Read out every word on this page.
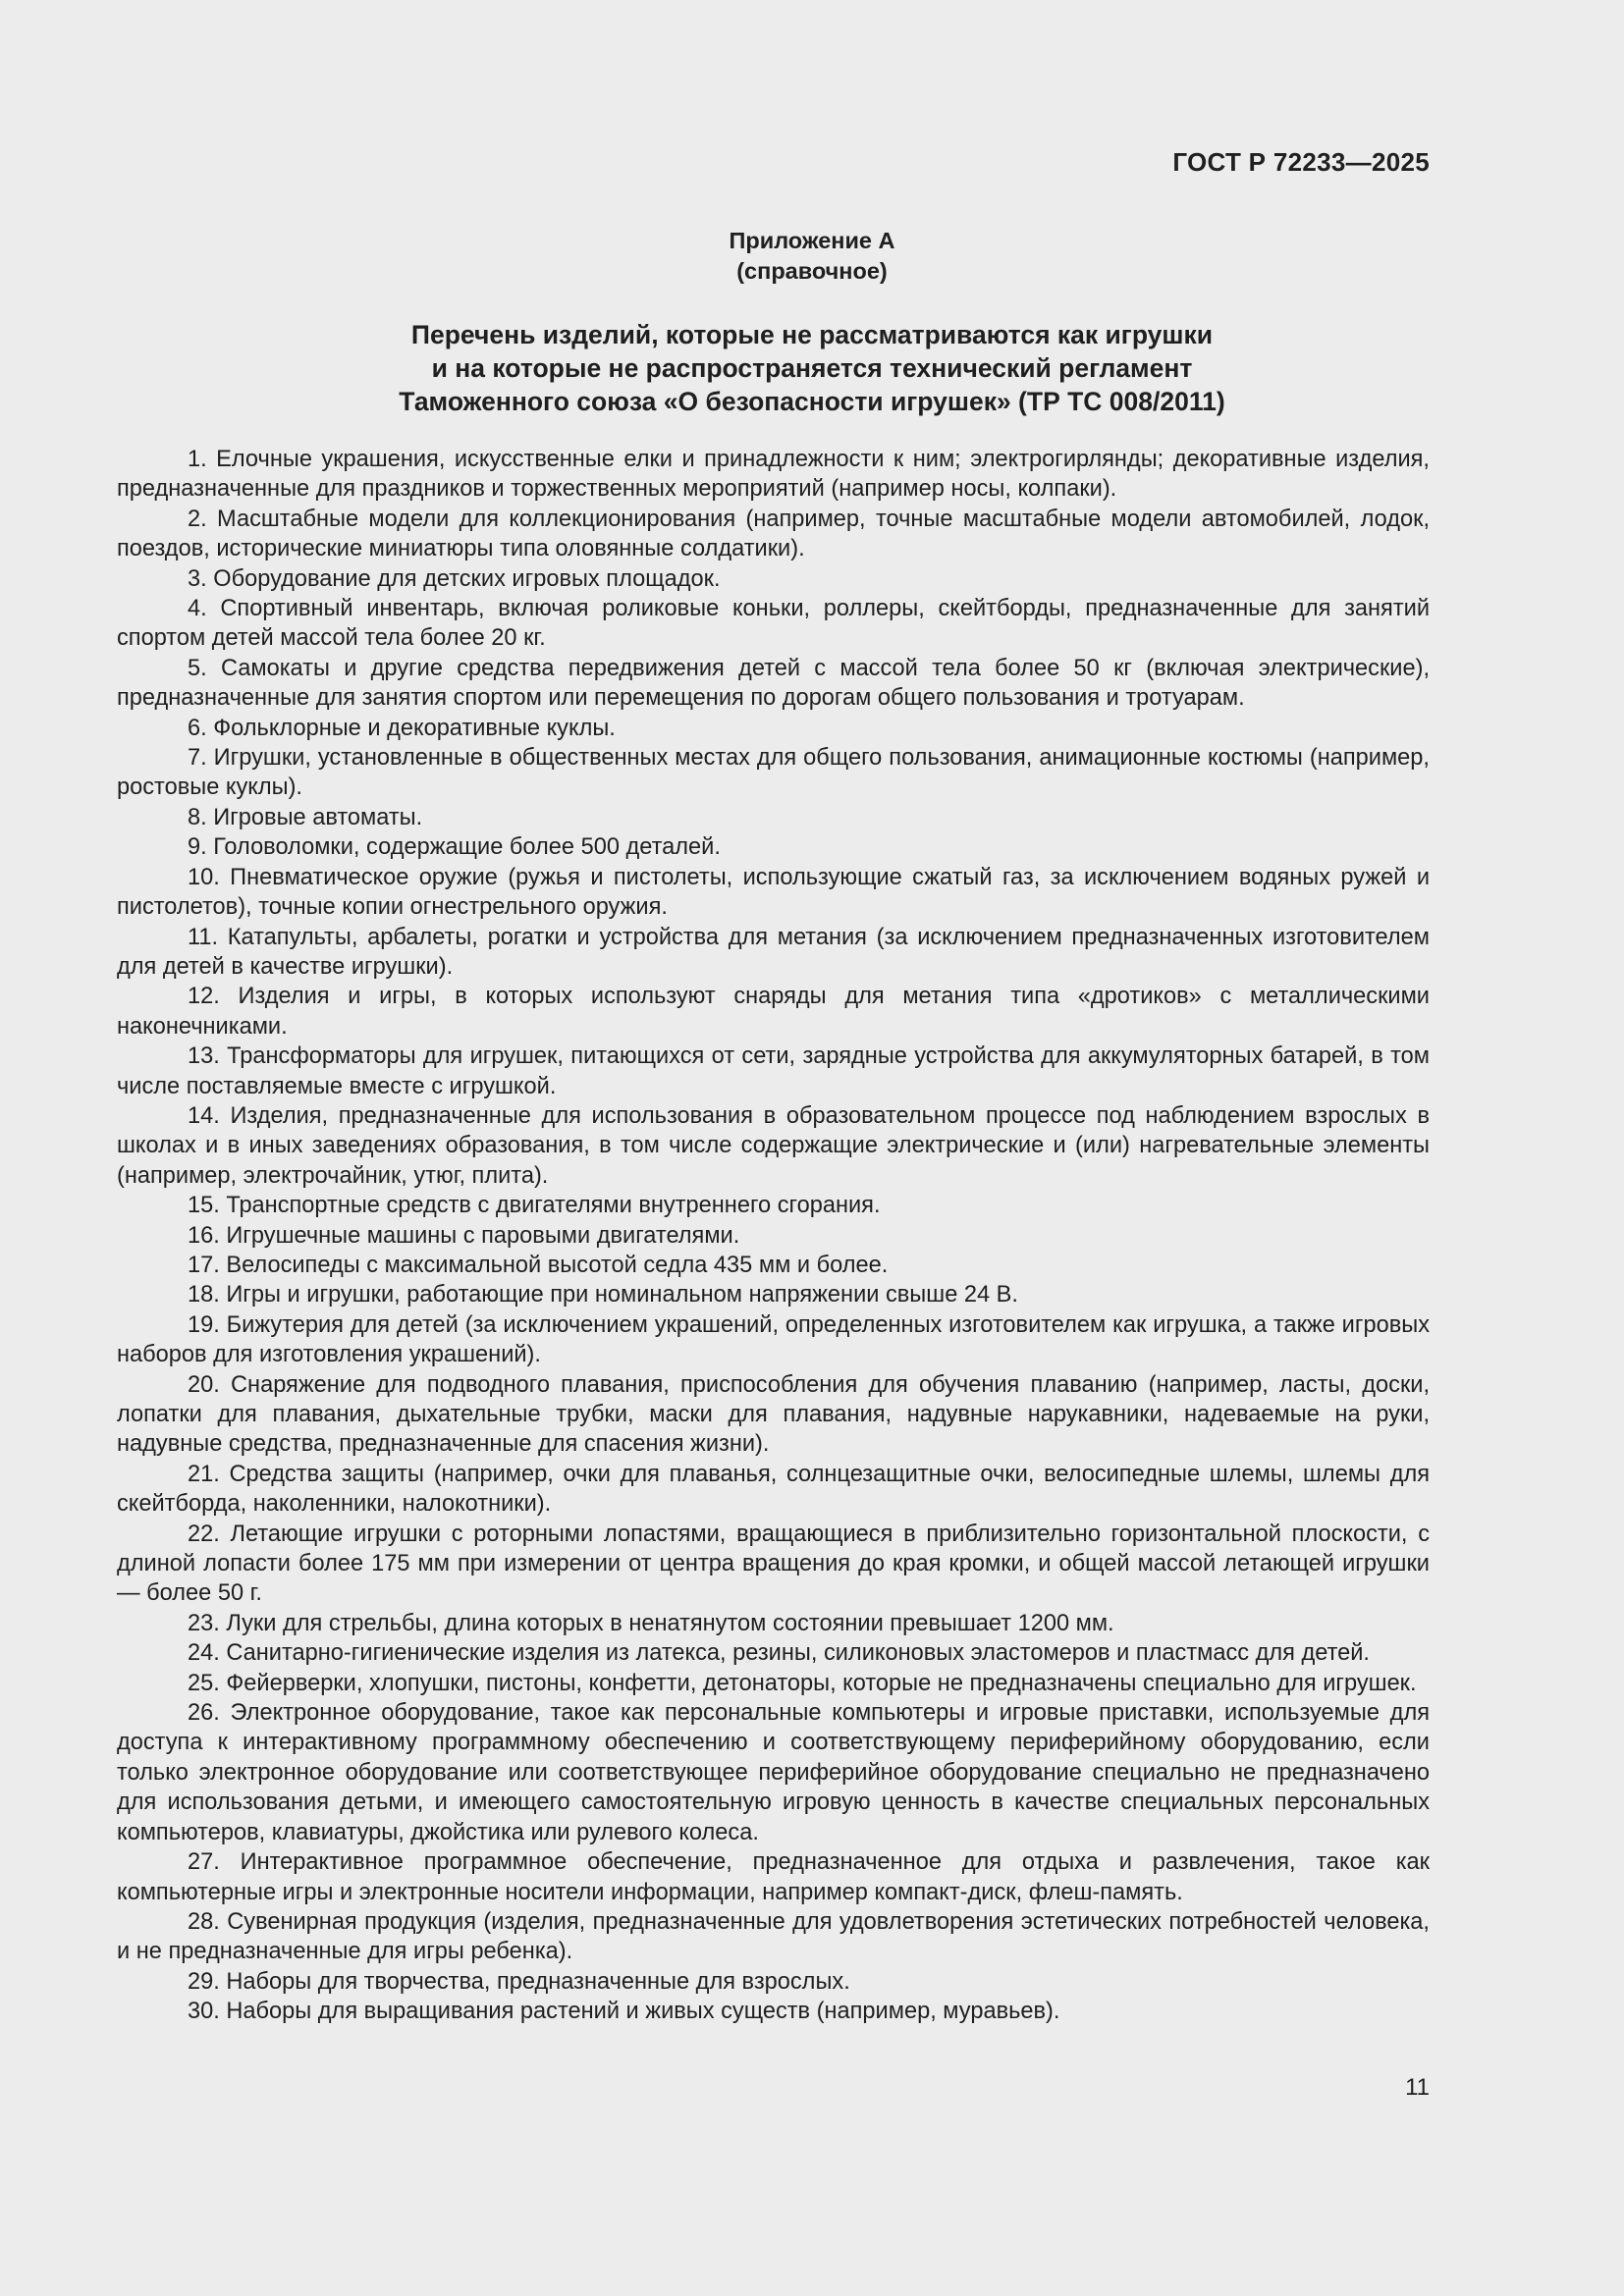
ГОСТ Р 72233—2025
Приложение А
(справочное)
Перечень изделий, которые не рассматриваются как игрушки
и на которые не распространяется технический регламент
Таможенного союза «О безопасности игрушек» (ТР ТС 008/2011)

1. Елочные украшения, искусственные елки и принадлежности к ним; электрогирлянды; декоративные изделия, предназначенные для праздников и торжественных мероприятий (например носы, колпаки).

2. Масштабные модели для коллекционирования (например, точные масштабные модели автомобилей, лодок, поездов, исторические миниатюры типа оловянные солдатики).

3. Оборудование для детских игровых площадок.

4. Спортивный инвентарь, включая роликовые коньки, роллеры, скейтборды, предназначенные для занятий спортом детей массой тела более 20 кг.

5. Самокаты и другие средства передвижения детей с массой тела более 50 кг (включая электрические), предназначенные для занятия спортом или перемещения по дорогам общего пользования и тротуарам.

6. Фольклорные и декоративные куклы.

7. Игрушки, установленные в общественных местах для общего пользования, анимационные костюмы (например, ростовые куклы).

8. Игровые автоматы.

9. Головоломки, содержащие более 500 деталей.

10. Пневматическое оружие (ружья и пистолеты, использующие сжатый газ, за исключением водяных ружей и пистолетов), точные копии огнестрельного оружия.

11. Катапульты, арбалеты, рогатки и устройства для метания (за исключением предназначенных изготовителем для детей в качестве игрушки).

12. Изделия и игры, в которых используют снаряды для метания типа «дротиков» с металлическими наконечниками.

13. Трансформаторы для игрушек, питающихся от сети, зарядные устройства для аккумуляторных батарей, в том числе поставляемые вместе с игрушкой.

14. Изделия, предназначенные для использования в образовательном процессе под наблюдением взрослых в школах и в иных заведениях образования, в том числе содержащие электрические и (или) нагревательные элементы (например, электрочайник, утюг, плита).

15. Транспортные средств с двигателями внутреннего сгорания.

16. Игрушечные машины с паровыми двигателями.

17. Велосипеды с максимальной высотой седла 435 мм и более.

18. Игры и игрушки, работающие при номинальном напряжении свыше 24 В.

19. Бижутерия для детей (за исключением украшений, определенных изготовителем как игрушка, а также игровых наборов для изготовления украшений).

20. Снаряжение для подводного плавания, приспособления для обучения плаванию (например, ласты, доски, лопатки для плавания, дыхательные трубки, маски для плавания, надувные нарукавники, надеваемые на руки, надувные средства, предназначенные для спасения жизни).

21. Средства защиты (например, очки для плаванья, солнцезащитные очки, велосипедные шлемы, шлемы для скейтборда, наколенники, налокотники).

22. Летающие игрушки с роторными лопастями, вращающиеся в приблизительно горизонтальной плоскости, с длиной лопасти более 175 мм при измерении от центра вращения до края кромки, и общей массой летающей игрушки — более 50 г.

23. Луки для стрельбы, длина которых в ненатянутом состоянии превышает 1200 мм.

24. Санитарно-гигиенические изделия из латекса, резины, силиконовых эластомеров и пластмасс для детей.

25. Фейерверки, хлопушки, пистоны, конфетти, детонаторы, которые не предназначены специально для игрушек.

26. Электронное оборудование, такое как персональные компьютеры и игровые приставки, используемые для доступа к интерактивному программному обеспечению и соответствующему периферийному оборудованию, если только электронное оборудование или соответствующее периферийное оборудование специально не предназначено для использования детьми, и имеющего самостоятельную игровую ценность в качестве специальных персональных компьютеров, клавиатуры, джойстика или рулевого колеса.

27. Интерактивное программное обеспечение, предназначенное для отдыха и развлечения, такое как компьютерные игры и электронные носители информации, например компакт-диск, флеш-память.

28. Сувенирная продукция (изделия, предназначенные для удовлетворения эстетических потребностей человека, и не предназначенные для игры ребенка).

29. Наборы для творчества, предназначенные для взрослых.

30. Наборы для выращивания растений и живых существ (например, муравьев).

11
